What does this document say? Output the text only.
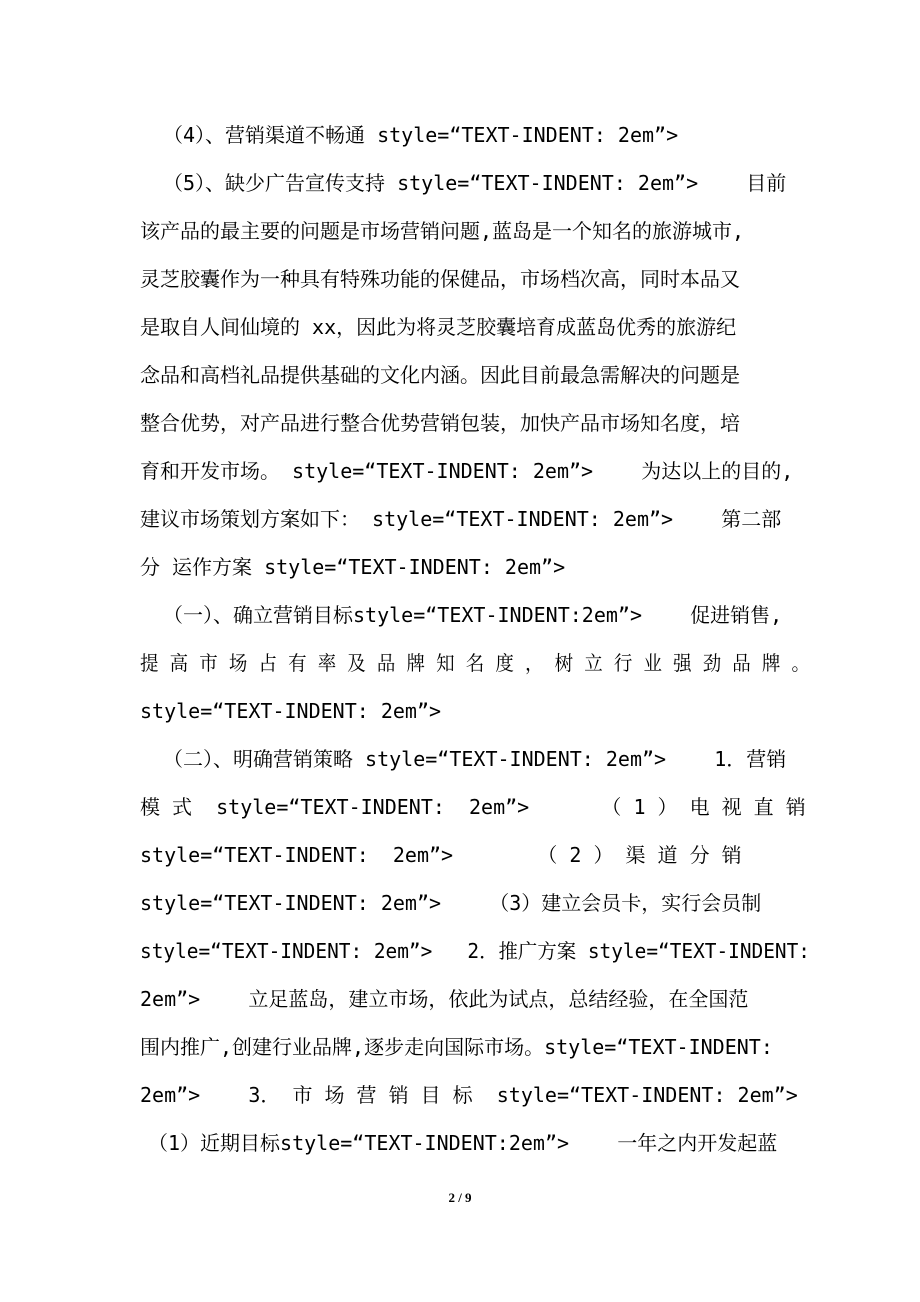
（4）、营销渠道不畅通 style=“TEXT-INDENT: 2em”>
（5）、缺少广告宣传支持 style=“TEXT-INDENT: 2em”>    目前
该产品的最主要的问题是市场营销问题,蓝岛是一个知名的旅游城市,
灵芝胶囊作为一种具有特殊功能的保健品，市场档次高，同时本品又
是取自人间仙境的 xx，因此为将灵芝胶囊培育成蓝岛优秀的旅游纪
念品和高档礼品提供基础的文化内涵。因此目前最急需解决的问题是
整合优势，对产品进行整合优势营销包装，加快产品市场知名度，培
育和开发市场。 style=“TEXT-INDENT: 2em”>    为达以上的目的,
建议市场策划方案如下： style=“TEXT-INDENT: 2em”>    第二部
分 运作方案 style=“TEXT-INDENT: 2em”>
（一）、确立营销目标style=“TEXT-INDENT:2em”>    促进销售,
提 高 市 场 占 有 率 及 品 牌 知 名 度 ， 树 立 行 业 强 劲 品 牌 。
style=“TEXT-INDENT: 2em”>
（二）、明确营销策略 style=“TEXT-INDENT: 2em”>    1．营销
模 式  style=“TEXT-INDENT:  2em”>      （ 1 ） 电 视 直 销
style=“TEXT-INDENT:  2em”>       （ 2 ） 渠 道 分 销
style=“TEXT-INDENT: 2em”>    （3）建立会员卡，实行会员制
style=“TEXT-INDENT: 2em”>   2．推广方案 style=“TEXT-INDENT:
2em”>    立足蓝岛，建立市场，依此为试点，总结经验，在全国范
围内推广,创建行业品牌,逐步走向国际市场。style=“TEXT-INDENT:
2em”>    3． 市 场 营 销 目 标  style=“TEXT-INDENT: 2em”>
（1）近期目标style=“TEXT-INDENT:2em”>    一年之内开发起蓝
2 / 9
